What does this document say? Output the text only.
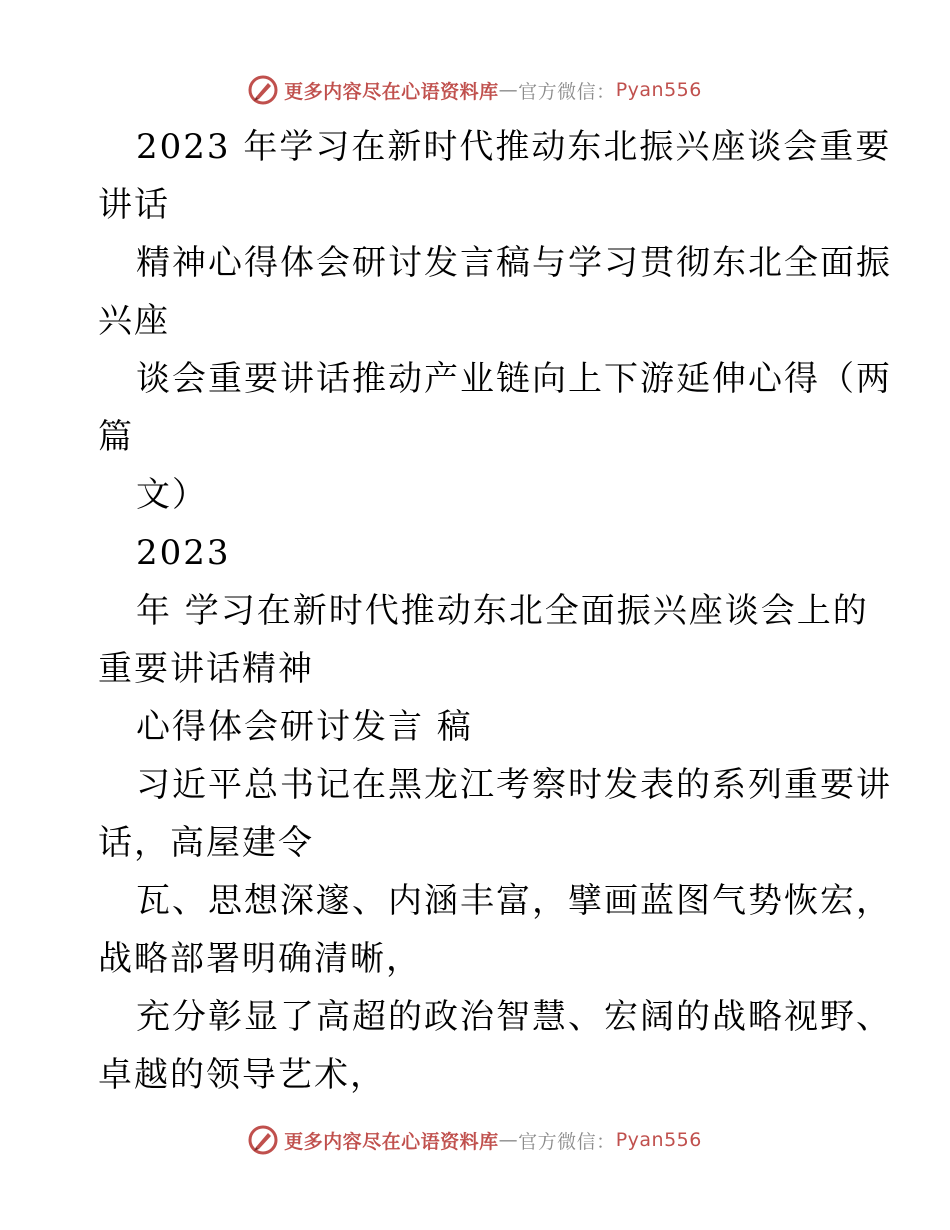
更多内容尽在心语资料库 — 官方微信： Pyan556
2023 年学习在新时代推动东北振兴座谈会重要
讲话
精神心得体会研讨发言稿与学习贯彻东北全面振
兴座
谈会重要讲话推动产业链向上下游延伸心得（两
篇
文）
2023
年 学习在新时代推动东北全面振兴座谈会上的
重要讲话精神
心得体会研讨发言 稿
习近平总书记在黑龙江考察时发表的系列重要讲
话，高屋建令
瓦、思想深邃、内涵丰富，擘画蓝图气势恢宏，
战略部署明确清晰，
充分彰显了高超的政治智慧、宏阔的战略视野、
卓越的领导艺术，
更多内容尽在心语资料库 — 官方微信： Pyan556
